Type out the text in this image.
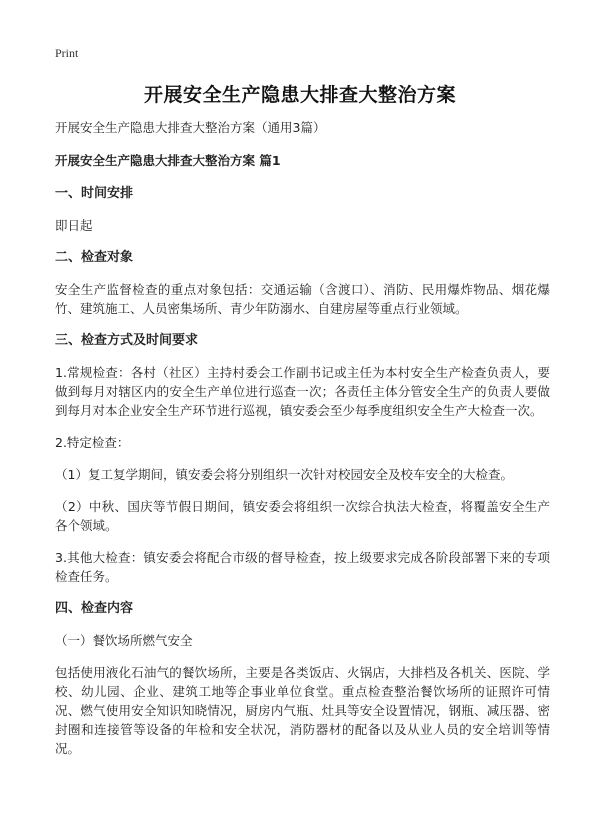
Print
开展安全生产隐患大排查大整治方案

开展安全生产隐患大排查大整治方案（通用3篇）

开展安全生产隐患大排查大整治方案 篇1

一、时间安排

即日起

二、检查对象

安全生产监督检查的重点对象包括：交通运输（含渡口）、消防、民用爆炸物品、烟花爆竹、建筑施工、人员密集场所、青少年防溺水、自建房屋等重点行业领域。

三、检查方式及时间要求

1.常规检查：各村（社区）主持村委会工作副书记或主任为本村安全生产检查负责人，要做到每月对辖区内的安全生产单位进行巡查一次；各责任主体分管安全生产的负责人要做到每月对本企业安全生产环节进行巡视，镇安委会至少每季度组织安全生产大检查一次。

2.特定检查：

（1）复工复学期间，镇安委会将分别组织一次针对校园安全及校车安全的大检查。

（2）中秋、国庆等节假日期间，镇安委会将组织一次综合执法大检查，将覆盖安全生产各个领域。

3.其他大检查：镇安委会将配合市级的督导检查，按上级要求完成各阶段部署下来的专项检查任务。

四、检查内容

（一）餐饮场所燃气安全

包括使用液化石油气的餐饮场所，主要是各类饭店、火锅店，大排档及各机关、医院、学校、幼儿园、企业、建筑工地等企事业单位食堂。重点检查整治餐饮场所的证照许可情况、燃气使用安全知识知晓情况，厨房内气瓶、灶具等安全设置情况，钢瓶、减压器、密封圈和连接管等设备的年检和安全状况，消防器材的配备以及从业人员的安全培训等情况。
